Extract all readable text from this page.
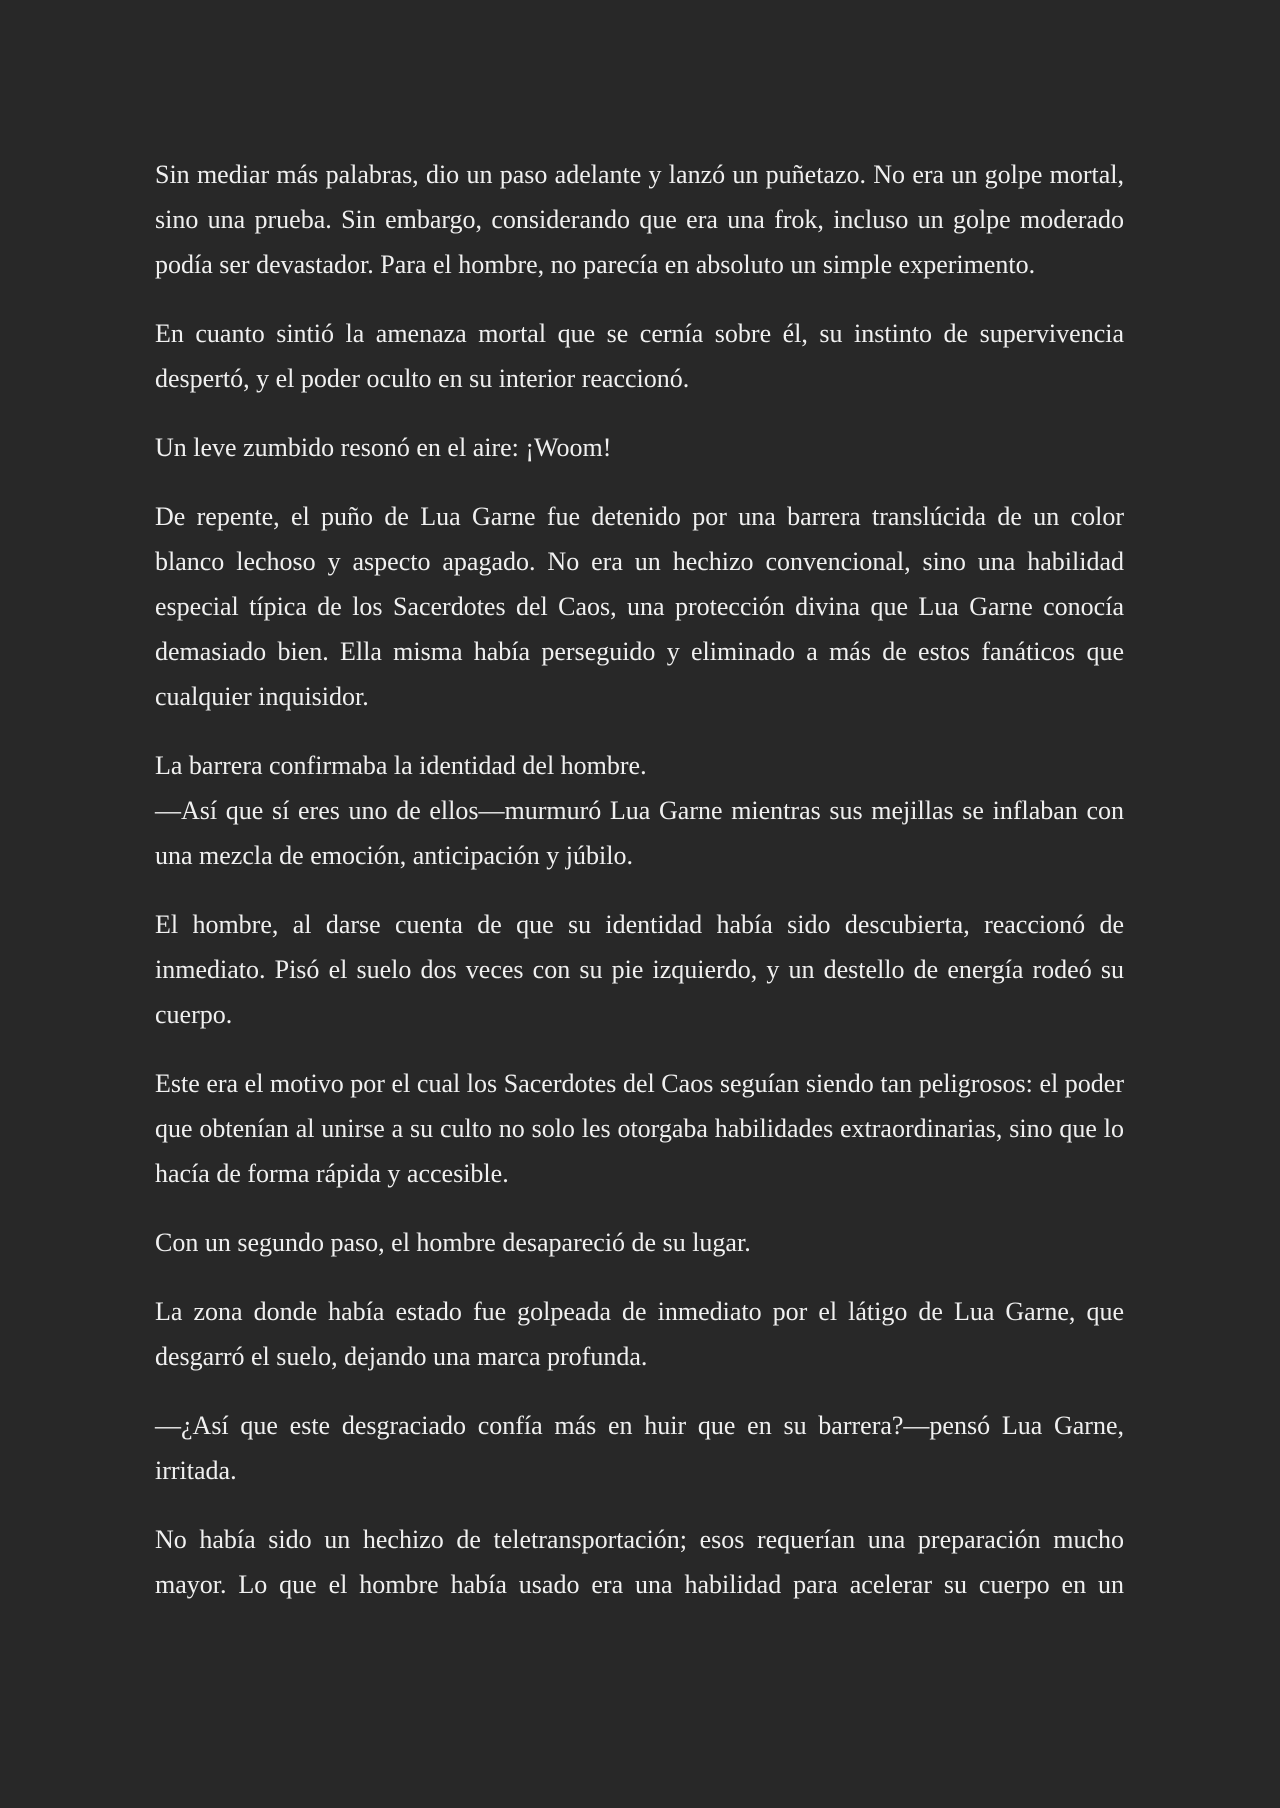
Sin mediar más palabras, dio un paso adelante y lanzó un puñetazo. No era un golpe mortal, sino una prueba. Sin embargo, considerando que era una frok, incluso un golpe moderado podía ser devastador. Para el hombre, no parecía en absoluto un simple experimento.

En cuanto sintió la amenaza mortal que se cernía sobre él, su instinto de supervivencia despertó, y el poder oculto en su interior reaccionó.

Un leve zumbido resonó en el aire: ¡Woom!

De repente, el puño de Lua Garne fue detenido por una barrera translúcida de un color blanco lechoso y aspecto apagado. No era un hechizo convencional, sino una habilidad especial típica de los Sacerdotes del Caos, una protección divina que Lua Garne conocía demasiado bien. Ella misma había perseguido y eliminado a más de estos fanáticos que cualquier inquisidor.

La barrera confirmaba la identidad del hombre.
—Así que sí eres uno de ellos—murmuró Lua Garne mientras sus mejillas se inflaban con una mezcla de emoción, anticipación y júbilo.

El hombre, al darse cuenta de que su identidad había sido descubierta, reaccionó de inmediato. Pisó el suelo dos veces con su pie izquierdo, y un destello de energía rodeó su cuerpo.

Este era el motivo por el cual los Sacerdotes del Caos seguían siendo tan peligrosos: el poder que obtenían al unirse a su culto no solo les otorgaba habilidades extraordinarias, sino que lo hacía de forma rápida y accesible.

Con un segundo paso, el hombre desapareció de su lugar.

La zona donde había estado fue golpeada de inmediato por el látigo de Lua Garne, que desgarró el suelo, dejando una marca profunda.

—¿Así que este desgraciado confía más en huir que en su barrera?—pensó Lua Garne, irritada.

No había sido un hechizo de teletransportación; esos requerían una preparación mucho mayor. Lo que el hombre había usado era una habilidad para acelerar su cuerpo en un
